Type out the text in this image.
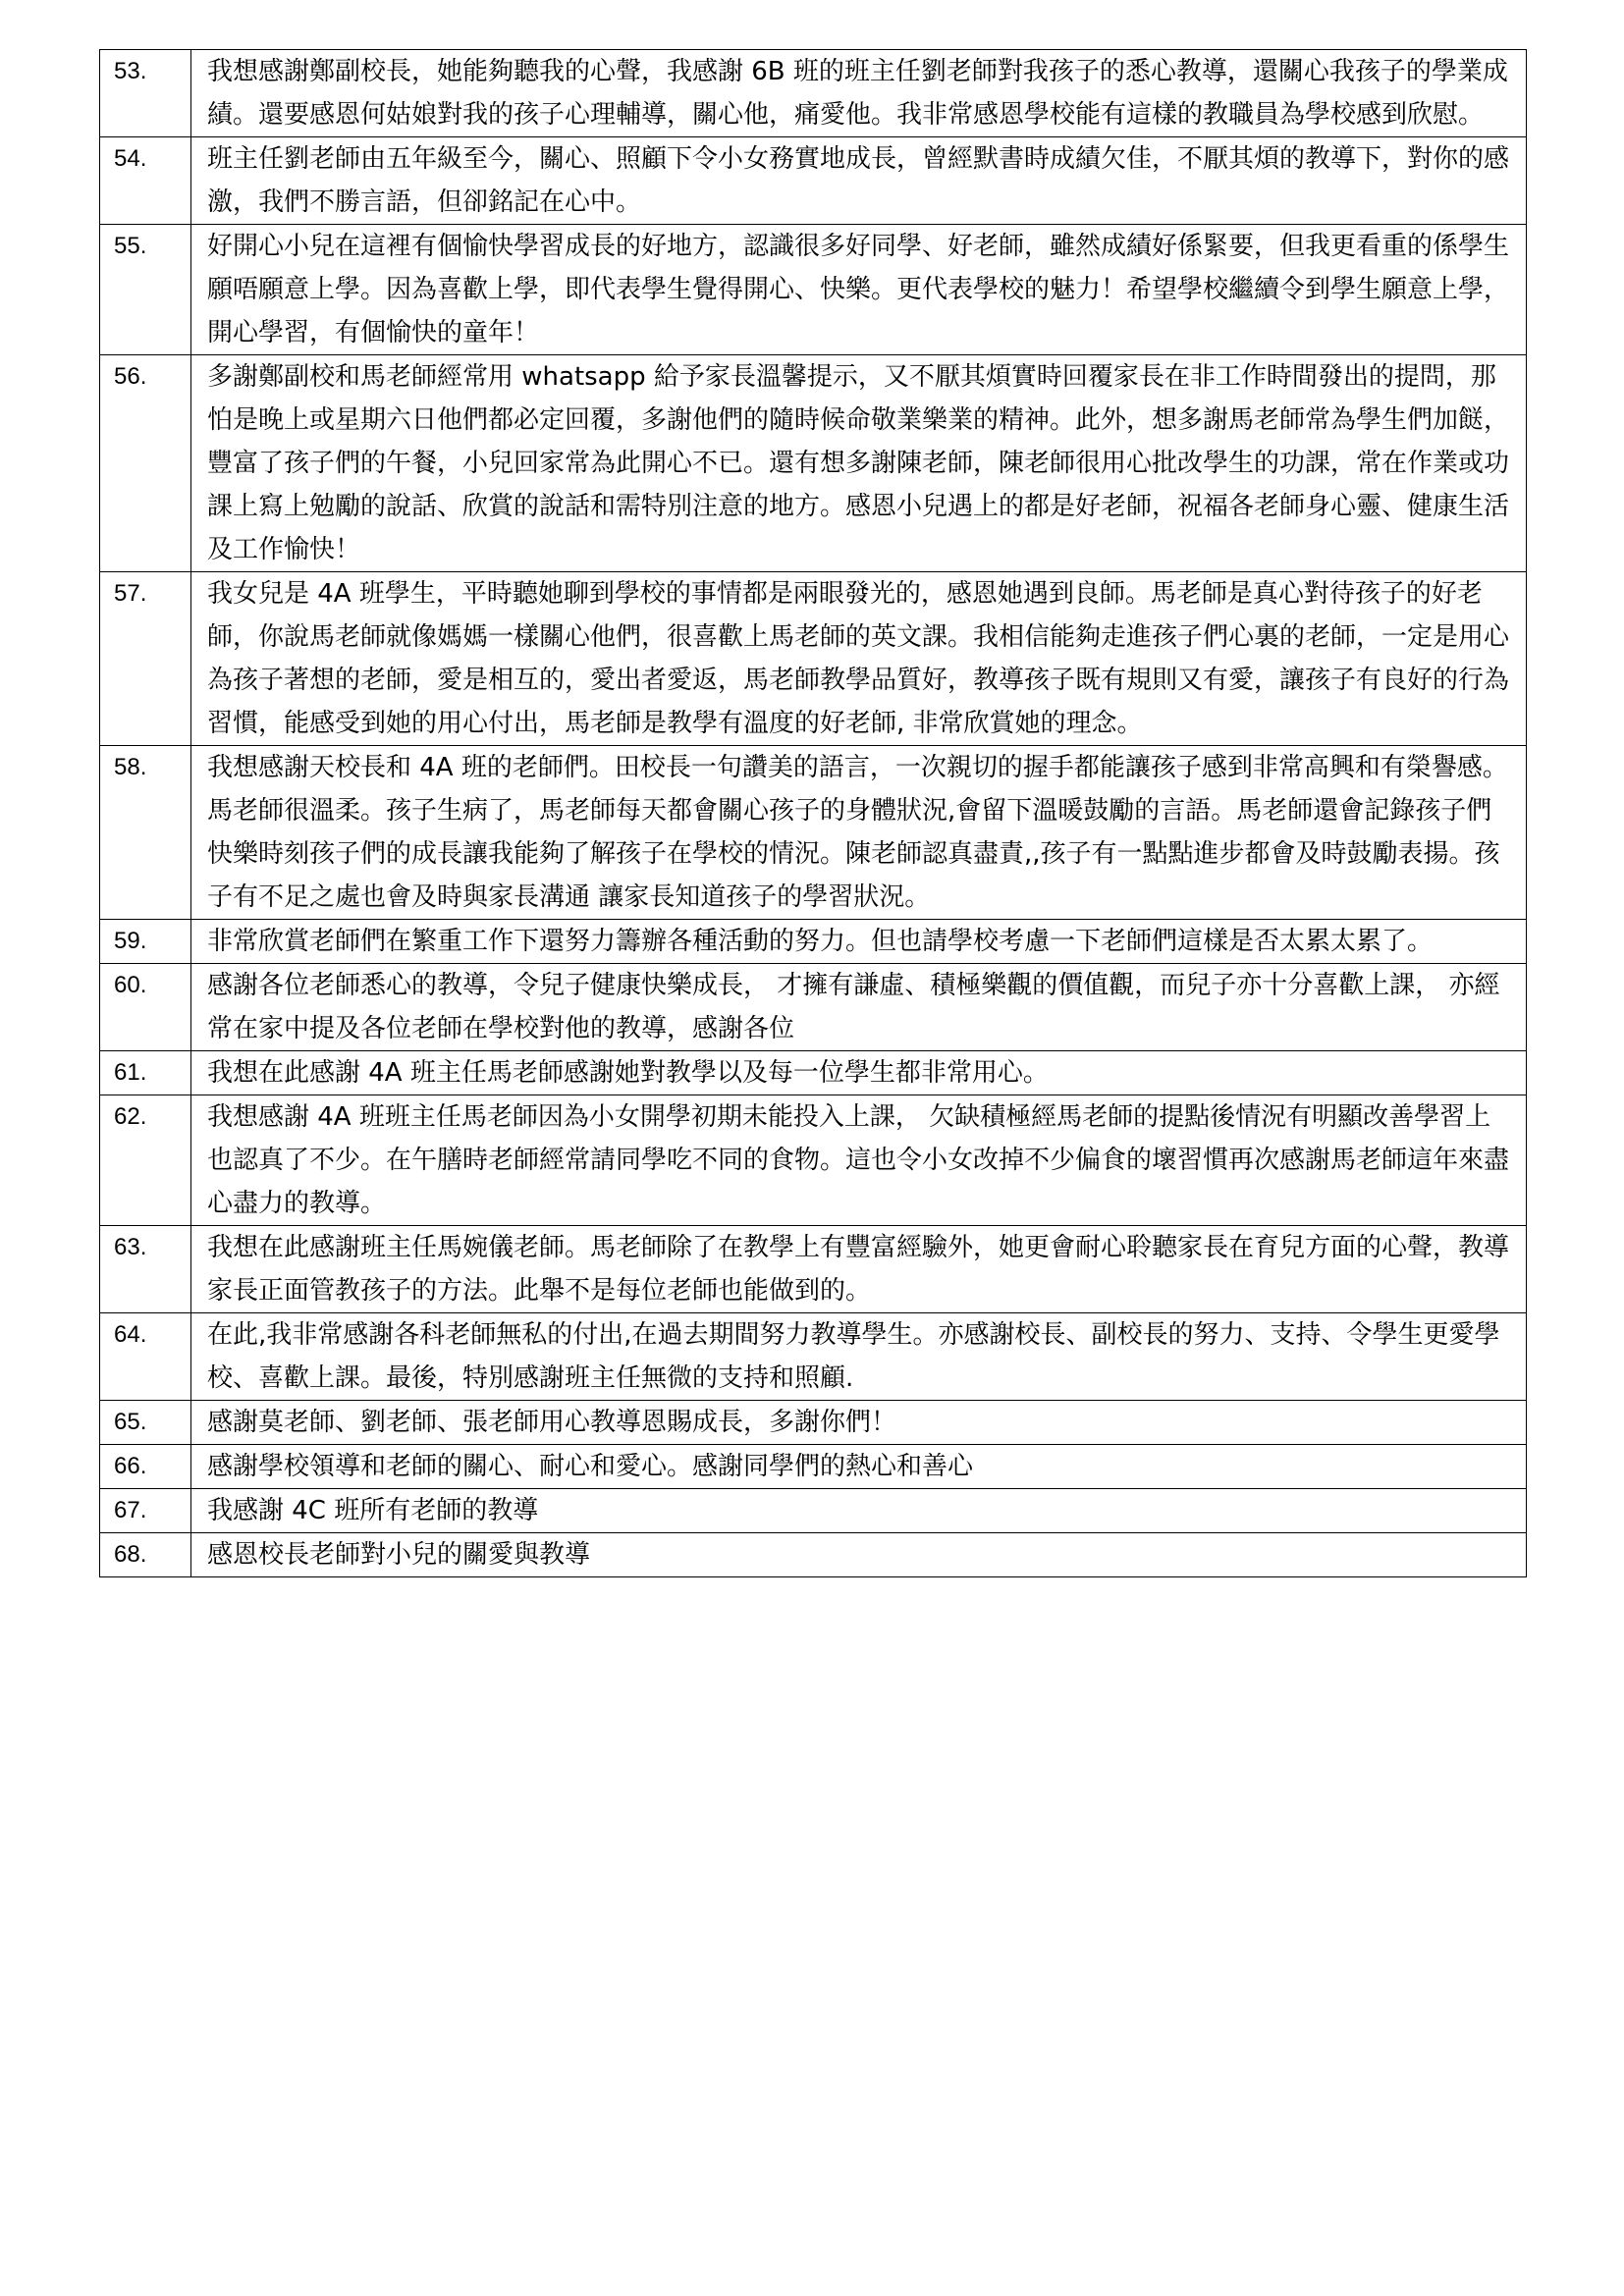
53.	我想感謝鄭副校長，她能夠聽我的心聲，我感謝 6B 班的班主任劉老師對我孩子的悉心教導，還關心我孩子的學業成績。還要感恩何姑娘對我的孩子心理輔導，關心他，痛愛他。我非常感恩學校能有這樣的教職員為學校感到欣慰。
54.	班主任劉老師由五年級至今，關心、照顧下令小女務實地成長，曾經默書時成績欠佳，不厭其煩的教導下，對你的感激，我們不勝言語，但卻銘記在心中。
55.	好開心小兒在這裡有個愉快學習成長的好地方，認識很多好同學、好老師，雖然成績好係緊要，但我更看重的係學生願唔願意上學。因為喜歡上學，即代表學生覺得開心、快樂。更代表學校的魅力！希望學校繼續令到學生願意上學，開心學習，有個愉快的童年！
56.	多謝鄭副校和馬老師經常用 whatsapp 給予家長溫馨提示，又不厭其煩實時回覆家長在非工作時間發出的提問，那怕是晚上或星期六日他們都必定回覆，多謝他們的隨時候命敬業樂業的精神。此外，想多謝馬老師常為學生們加餸，豐富了孩子們的午餐，小兒回家常為此開心不已。還有想多謝陳老師，陳老師很用心批改學生的功課，常在作業或功課上寫上勉勵的說話、欣賞的說話和需特別注意的地方。感恩小兒遇上的都是好老師，祝福各老師身心靈、健康生活及工作愉快！
57.	我女兒是 4A 班學生，平時聽她聊到學校的事情都是兩眼發光的，感恩她遇到良師。馬老師是真心對待孩子的好老師，你說馬老師就像媽媽一樣關心他們，很喜歡上馬老師的英文課。我相信能夠走進孩子們心裏的老師，一定是用心為孩子著想的老師，愛是相互的，愛出者愛返，馬老師教學品質好，教導孩子既有規則又有愛，讓孩子有良好的行為習慣，能感受到她的用心付出，馬老師是教學有溫度的好老師, 非常欣賞她的理念。
58.	我想感謝天校長和 4A 班的老師們。田校長一句讚美的語言，一次親切的握手都能讓孩子感到非常高興和有榮譽感。馬老師很溫柔。孩子生病了，馬老師每天都會關心孩子的身體狀況,會留下溫暖鼓勵的言語。馬老師還會記錄孩子們快樂時刻孩子們的成長讓我能夠了解孩子在學校的情況。陳老師認真盡責,,孩子有一點點進步都會及時鼓勵表揚。孩子有不足之處也會及時與家長溝通 讓家長知道孩子的學習狀況。
59.	非常欣賞老師們在繁重工作下還努力籌辦各種活動的努力。但也請學校考慮一下老師們這樣是否太累太累了。
60.	感謝各位老師悉心的教導，令兒子健康快樂成長， 才擁有謙虛、積極樂觀的價值觀，而兒子亦十分喜歡上課， 亦經常在家中提及各位老師在學校對他的教導，感謝各位
61.	我想在此感謝 4A 班主任馬老師感謝她對教學以及每一位學生都非常用心。
62.	我想感謝 4A 班班主任馬老師因為小女開學初期未能投入上課， 欠缺積極經馬老師的提點後情況有明顯改善學習上也認真了不少。在午膳時老師經常請同學吃不同的食物。這也令小女改掉不少偏食的壞習慣再次感謝馬老師這年來盡心盡力的教導。
63.	我想在此感謝班主任馬婉儀老師。馬老師除了在教學上有豐富經驗外，她更會耐心聆聽家長在育兒方面的心聲，教導家長正面管教孩子的方法。此舉不是每位老師也能做到的。
64.	在此,我非常感謝各科老師無私的付出,在過去期間努力教導學生。亦感謝校長、副校長的努力、支持、令學生更愛學校、喜歡上課。最後，特別感謝班主任無微的支持和照顧.
65.	感謝莫老師、劉老師、張老師用心教導恩賜成長，多謝你們！
66.	感謝學校領導和老師的關心、耐心和愛心。感謝同學們的熱心和善心
67.	我感謝 4C 班所有老師的教導
68.	感恩校長老師對小兒的關愛與教導
